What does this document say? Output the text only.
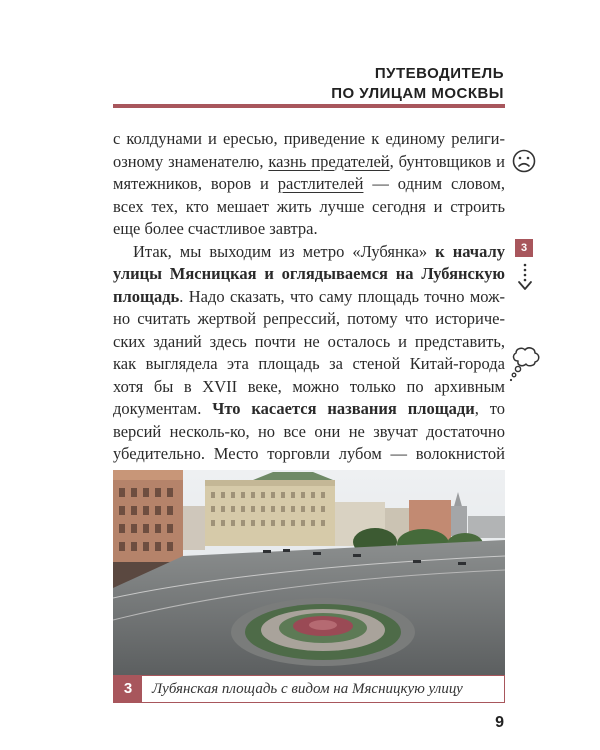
ПУТЕВОДИТЕЛЬ
ПО УЛИЦАМ МОСКВЫ

с колдунами и ересью, приведение к единому религи-озному знаменателю, казнь предателей, бунтовщиков и мятежников, воров и растлителей — одним словом, всех тех, кто мешает жить лучше сегодня и строить еще более счастливое завтра.

Итак, мы выходим из метро «Лубянка» к началу улицы Мясницкая и оглядываемся на Лубянскую площадь. Надо сказать, что саму площадь точно мож-но считать жертвой репрессий, потому что историче-ских зданий здесь почти не осталось и представить, как выглядела эта площадь за стеной Китай-города хотя бы в XVII веке, можно только по архивным документам. Что касается названия площади, то версий несколь-ко, но все они не звучат достаточно убедительно. Место торговли лубом — волокнистой

3
3	Лубянская площадь с видом на Мясницкую улицу
9
